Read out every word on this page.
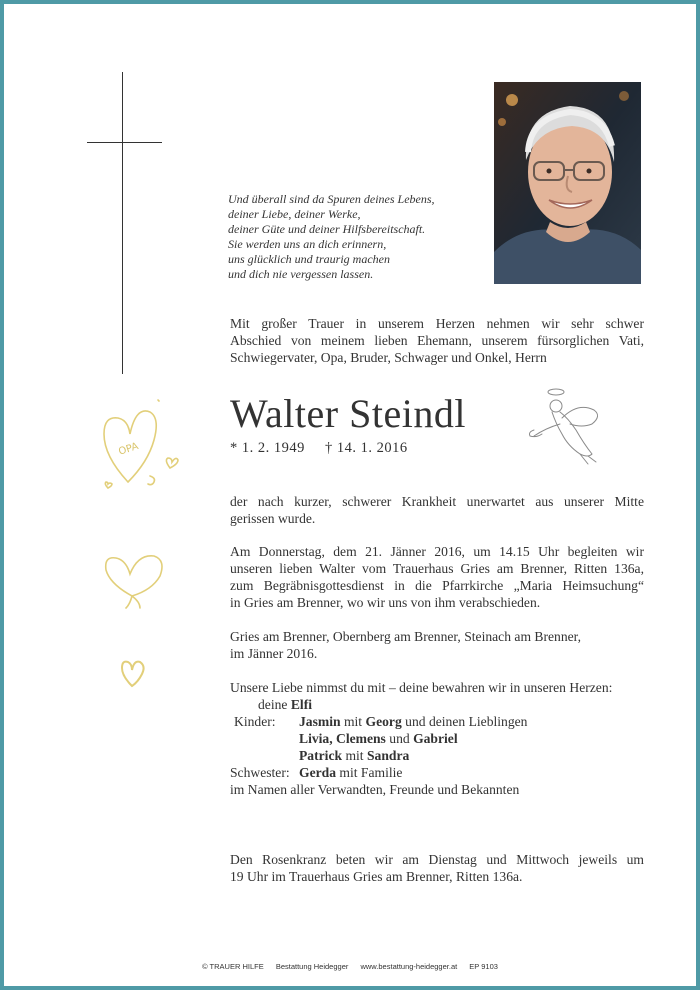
Und überall sind da Spuren deines Lebens,
deiner Liebe, deiner Werke,
deiner Güte und deiner Hilfsbereitschaft.
Sie werden uns an dich erinnern,
uns glücklich und traurig machen
und dich nie vergessen lassen.
Mit großer Trauer in unserem Herzen nehmen wir sehr schwer
Abschied von meinem lieben Ehemann, unserem fürsorglichen Vati,
Schwiegervater, Opa, Bruder, Schwager und Onkel, Herrn
Walter Steindl
* 1. 2. 1949 † 14. 1. 2016
der nach kurzer, schwerer Krankheit unerwartet aus unserer Mitte
gerissen wurde.
Am Donnerstag, dem 21. Jänner 2016, um 14.15 Uhr begleiten wir
unseren lieben Walter vom Trauerhaus Gries am Brenner, Ritten 136a,
zum Begräbnisgottesdienst in die Pfarrkirche „Maria Heimsuchung“
in Gries am Brenner, wo wir uns von ihm verabschieden.
Gries am Brenner, Obernberg am Brenner, Steinach am Brenner,
im Jänner 2016.
Unsere Liebe nimmst du mit – deine bewahren wir in unseren Herzen:
deine Elfi
Kinder: Jasmin mit Georg und deinen Lieblingen
Livia, Clemens und Gabriel
Patrick mit Sandra
Schwester: Gerda mit Familie
im Namen aller Verwandten, Freunde und Bekannten
Den Rosenkranz beten wir am Dienstag und Mittwoch jeweils um
19 Uhr im Trauerhaus Gries am Brenner, Ritten 136a.
OPA
© TRAUER HILFE Bestattung Heidegger www.bestattung-heidegger.at EP 9103
